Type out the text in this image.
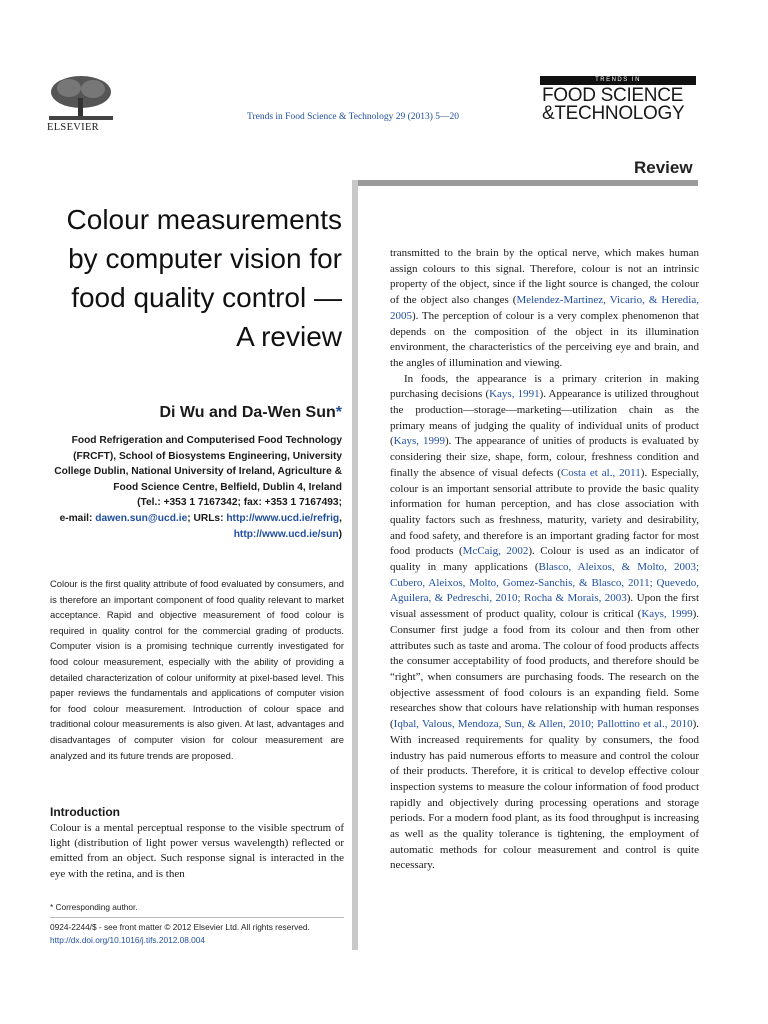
ELSEVIER
Trends in Food Science & Technology 29 (2013) 5—20
TRENDS IN
FOOD SCIENCE
&TECHNOLOGY
Review
Colour measurements by computer vision for food quality control — A review
Di Wu and Da-Wen Sun*
Food Refrigeration and Computerised Food Technology (FRCFT), School of Biosystems Engineering, University College Dublin, National University of Ireland, Agriculture & Food Science Centre, Belfield, Dublin 4, Ireland
(Tel.: +353 1 7167342; fax: +353 1 7167493;
e-mail: dawen.sun@ucd.ie; URLs: http://www.ucd.ie/refrig, http://www.ucd.ie/sun)
Colour is the first quality attribute of food evaluated by consumers, and is therefore an important component of food quality relevant to market acceptance. Rapid and objective measurement of food colour is required in quality control for the commercial grading of products. Computer vision is a promising technique currently investigated for food colour measurement, especially with the ability of providing a detailed characterization of colour uniformity at pixel-based level. This paper reviews the fundamentals and applications of computer vision for food colour measurement. Introduction of colour space and traditional colour measurements is also given. At last, advantages and disadvantages of computer vision for colour measurement are analyzed and its future trends are proposed.
Introduction
Colour is a mental perceptual response to the visible spectrum of light (distribution of light power versus wavelength) reflected or emitted from an object. Such response signal is interacted in the eye with the retina, and is then
* Corresponding author.
0924-2244/$ - see front matter © 2012 Elsevier Ltd. All rights reserved.
http://dx.doi.org/10.1016/j.tifs.2012.08.004

transmitted to the brain by the optical nerve, which makes human assign colours to this signal. Therefore, colour is not an intrinsic property of the object, since if the light source is changed, the colour of the object also changes (Melendez-Martinez, Vicario, & Heredia, 2005). The perception of colour is a very complex phenomenon that depends on the composition of the object in its illumination environment, the characteristics of the perceiving eye and brain, and the angles of illumination and viewing.

In foods, the appearance is a primary criterion in making purchasing decisions (Kays, 1991). Appearance is utilized throughout the production—storage—marketing—utilization chain as the primary means of judging the quality of individual units of product (Kays, 1999). The appearance of unities of products is evaluated by considering their size, shape, form, colour, freshness condition and finally the absence of visual defects (Costa et al., 2011). Especially, colour is an important sensorial attribute to provide the basic quality information for human perception, and has close association with quality factors such as freshness, maturity, variety and desirability, and food safety, and therefore is an important grading factor for most food products (McCaig, 2002). Colour is used as an indicator of quality in many applications (Blasco, Aleixos, & Molto, 2003; Cubero, Aleixos, Molto, Gomez-Sanchis, & Blasco, 2011; Quevedo, Aguilera, & Pedreschi, 2010; Rocha & Morais, 2003). Upon the first visual assessment of product quality, colour is critical (Kays, 1999). Consumer first judge a food from its colour and then from other attributes such as taste and aroma. The colour of food products affects the consumer acceptability of food products, and therefore should be “right”, when consumers are purchasing foods. The research on the objective assessment of food colours is an expanding field. Some researches show that colours have relationship with human responses (Iqbal, Valous, Mendoza, Sun, & Allen, 2010; Pallottino et al., 2010). With increased requirements for quality by consumers, the food industry has paid numerous efforts to measure and control the colour of their products. Therefore, it is critical to develop effective colour inspection systems to measure the colour information of food product rapidly and objectively during processing operations and storage periods. For a modern food plant, as its food throughput is increasing as well as the quality tolerance is tightening, the employment of automatic methods for colour measurement and control is quite necessary.
